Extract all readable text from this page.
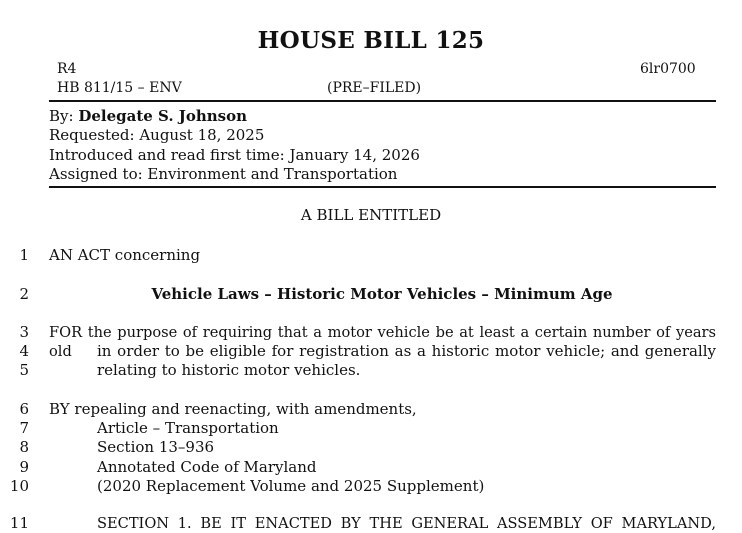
HOUSE BILL 125
R4	6lr0700
HB 811/15 – ENV	(PRE–FILED)
By: Delegate S. Johnson
Requested: August 18, 2025
Introduced and read first time: January 14, 2026
Assigned to: Environment and Transportation
A BILL ENTITLED
1 AN ACT concerning
2	Vehicle Laws – Historic Motor Vehicles – Minimum Age
3 FOR the purpose of requiring that a motor vehicle be at least a certain number of years old
4	in order to be eligible for registration as a historic motor vehicle; and generally
5	relating to historic motor vehicles.
6 BY repealing and reenacting, with amendments,
7	Article – Transportation
8	Section 13–936
9	Annotated Code of Maryland
10	(2020 Replacement Volume and 2025 Supplement)
11	SECTION 1. BE IT ENACTED BY THE GENERAL ASSEMBLY OF MARYLAND,
